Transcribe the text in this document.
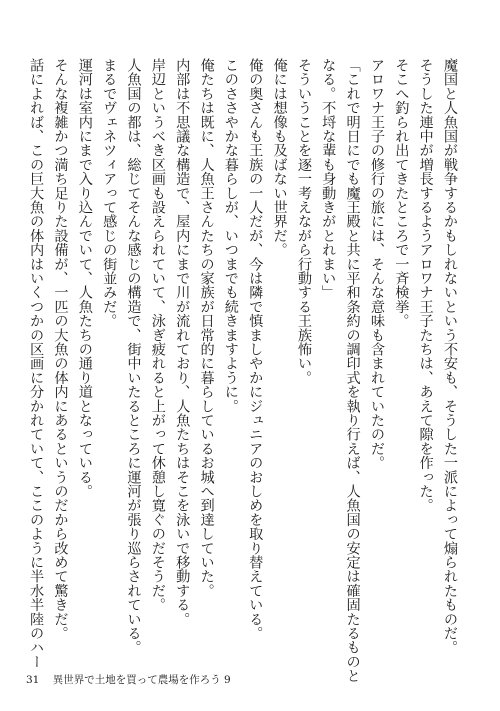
魔国と人魚国が戦争するかもしれないという不安も、そうした一派によって煽られたものだ。
そうした連中が増長するようアロワナ王子たちは、あえて隙を作った。
そこへ釣られ出てきたところで一斉検挙。
アロワナ王子の修行の旅には、そんな意味も含まれていたのだ。
「これで明日にでも魔王殿と共に平和条約の調印式を執り行えば、人魚国の安定は確固たるものと
なる。不埒な輩も身動きがとれまい」
そういうことを逐一考えながら行動する王族怖い。
俺には想像も及ばない世界だ。
俺の奥さんも王族の一人だが、今は隣で慎ましやかにジュニアのおしめを取り替えている。
このささやかな暮らしが、いつまでも続きますように。
俺たちは既に、人魚王さんたちの家族が日常的に暮らしているお城へ到達していた。
内部は不思議な構造で、屋内にまで川が流れており、人魚たちはそこを泳いで移動する。
岸辺というべき区画も設えられていて、泳ぎ疲れると上がって休憩し寛ぐのだそうだ。
人魚国の都は、総じてそんな感じの構造で、街中いたるところに運河が張り巡らされている。
まるでヴェネツィアって感じの街並みだ。
運河は室内にまで入り込んでいて、人魚たちの通り道となっている。
そんな複雑かつ満ち足りた設備が、一匹の大魚の体内にあるというのだから改めて驚きだ。
話によれば、この巨大魚の体内はいくつかの区画に分かれていて、ここのように半水半陸のハー
31 異世界で土地を買って農場を作ろう 9
